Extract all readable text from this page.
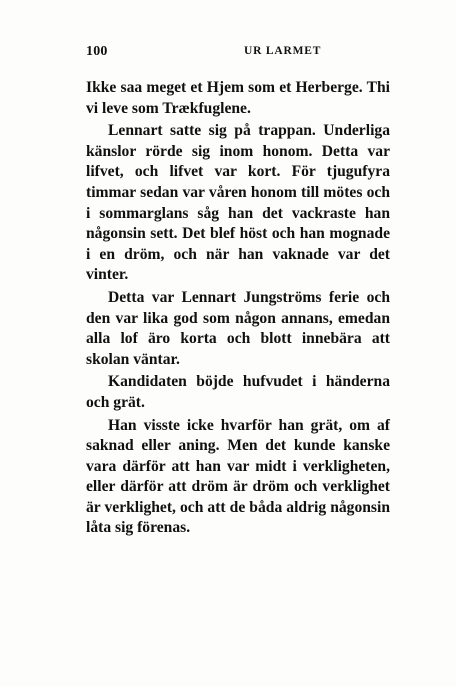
100	UR LARMET

Ikke saa meget et Hjem som et Herberge. Thi vi leve som Trækfuglene.

Lennart satte sig på trappan. Underliga känslor rörde sig inom honom. Detta var lifvet, och lifvet var kort. För tjugufyra timmar sedan var våren honom till mötes och i sommarglans såg han det vackraste han någonsin sett. Det blef höst och han mognade i en dröm, och när han vaknade var det vinter.

Detta var Lennart Jungströms ferie och den var lika god som någon annans, emedan alla lof äro korta och blott innebära att skolan väntar.

Kandidaten böjde hufvudet i händerna och grät.

Han visste icke hvarför han grät, om af saknad eller aning. Men det kunde kanske vara därför att han var midt i verkligheten, eller därför att dröm är dröm och verklighet är verklighet, och att de båda aldrig någonsin låta sig förenas.
